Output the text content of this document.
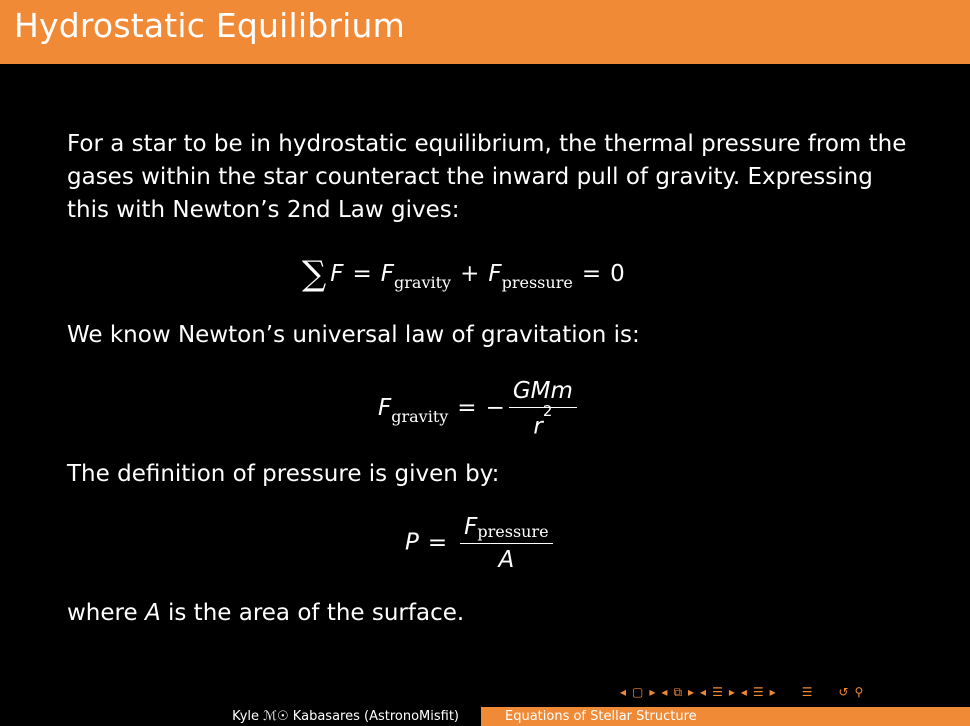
Hydrostatic Equilibrium
For a star to be in hydrostatic equilibrium, the thermal pressure from the gases within the star counteract the inward pull of gravity. Expressing this with Newton’s 2nd Law gives:
∑ $F = F_{gravity} + F_{pressure} = 0$
We know Newton’s universal law of gravitation is:
$F_{gravity}$ = − $\frac{\text{GMm}}{r^2}$
The definition of pressure is given by:
$P = \frac{\text{Fpressure}}{A}$
where A is the area of the surface.
◂ ▢ ▸ ◂ ⧉ ▸ ◂ ☰ ▸ ◂ ☰ ▸ ☰ ↺ ⚲
Kyle ℳ☉ Kabasares (AstronoMisfit)	Equations of Stellar Structure
